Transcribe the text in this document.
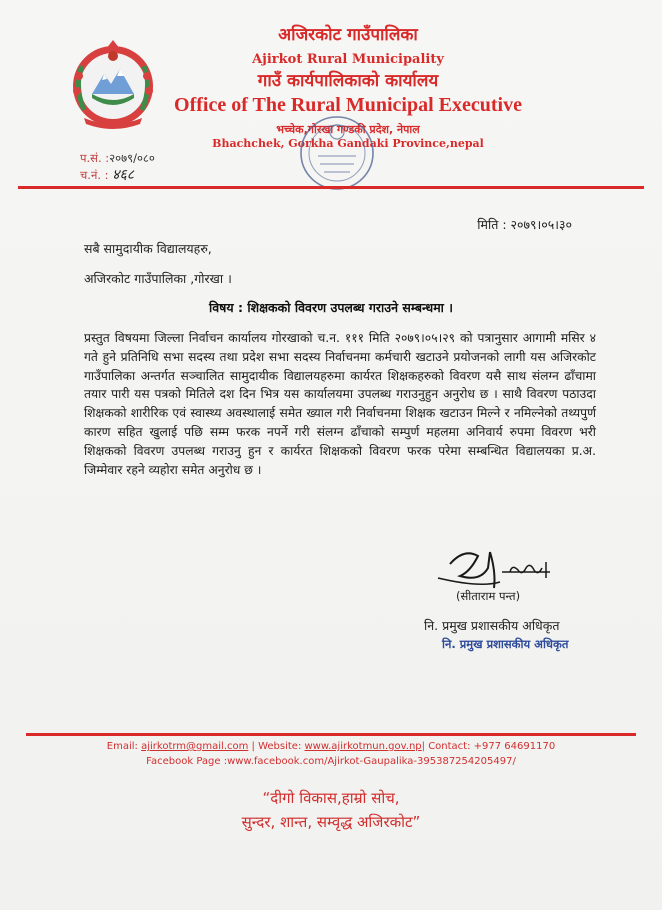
अजिरकोट गाउँपालिका
Ajirkot Rural Municipality
गाउँ कार्यपालिकाको कार्यालय
Office of The Rural Municipal Executive
भच्चेक,गोरखा गण्डकी प्रदेश, नेपाल
Bhachchek, Gorkha Gandaki Province,nepal
प.सं. :२०७९/०८०
च.नं. : ४६८
मिति : २०७९।०५।३०
सबै सामुदायीक विद्यालयहरु,
अजिरकोट गाउँपालिका ,गोरखा ।
विषय : शिक्षकको विवरण उपलब्ध गराउने सम्बन्धमा ।
प्रस्तुत विषयमा जिल्ला निर्वाचन कार्यालय गोरखाको च.न. १११ मिति २०७९।०५।२९ को पत्रानुसार आगामी मसिर ४ गते हुने प्रतिनिधि सभा सदस्य तथा प्रदेश सभा सदस्य निर्वाचनमा कर्मचारी खटाउने प्रयोजनको लागी यस अजिरकोट गाउँपालिका अन्तर्गत सञ्चालित सामुदायीक विद्यालयहरुमा कार्यरत शिक्षकहरुको विवरण यसै साथ संलग्न ढाँचामा तयार पारी यस पत्रको मितिले दश दिन भित्र यस कार्यालयमा उपलब्ध गराउनुहुन अनुरोध छ । साथै विवरण पठाउदा शिक्षकको शारीरिक एवं स्वास्थ्य अवस्थालाई समेत ख्याल गरी निर्वाचनमा शिक्षक खटाउन मिल्ने र नमिल्नेको तथ्यपुर्ण कारण सहित खुलाई पछि सम्म फरक नपर्ने गरी संलग्न ढाँचाको सम्पुर्ण महलमा अनिवार्य रुपमा विवरण भरी शिक्षकको विवरण उपलब्ध गराउनु हुन र कार्यरत शिक्षकको विवरण फरक परेमा सम्बन्धित विद्यालयका प्र.अ. जिम्मेवार रहने व्यहोरा समेत अनुरोध छ ।
(सीताराम पन्त)
नि. प्रमुख प्रशासकीय अधिकृत
नि. प्रमुख प्रशासकीय अधिकृत
Email: ajirkotrm@gmail.com | Website: www.ajirkotmun.gov.np| Contact: +977 64691170
Facebook Page :www.facebook.com/Ajirkot-Gaupalika-395387254205497/
“दीगो विकास,हाम्रो सोच,
सुन्दर, शान्त, सम्वृद्ध अजिरकोट”
